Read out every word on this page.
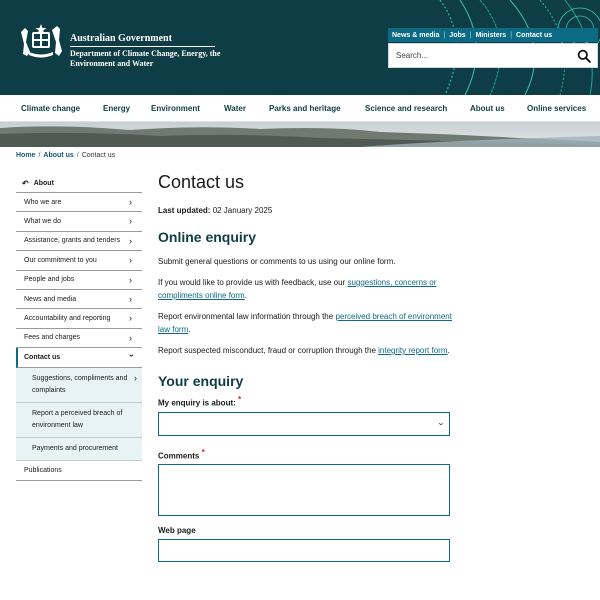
Australian Government
Department of Climate Change, Energy, the Environment and Water
News & media | Jobs | Ministers | Contact us
Search...
Climate change	Energy	Environment	Water	Parks and heritage	Science and research	About us	Online services
Home / About us / Contact us
↶ About
Who we are	›
What we do	›
Assistance, grants and tenders ›
Our commitment to you	›
People and jobs	›
News and media	›
Accountability and reporting ›
Fees and charges	›
Contact us	›
Suggestions, compliments and complaints
›
Report a perceived breach of environment law
Payments and procurement
Publications
Contact us
Last updated: 02 January 2025
Online enquiry

Submit general questions or comments to us using our online form.

If you would like to provide us with feedback, use our suggestions, concerns or compliments online form.

Report environmental law information through the perceived breach of environment law form.

Report suspected misconduct, fraud or corruption through the integrity report form.

Your enquiry
My enquiry is about: *
›
Comments *
Web page
